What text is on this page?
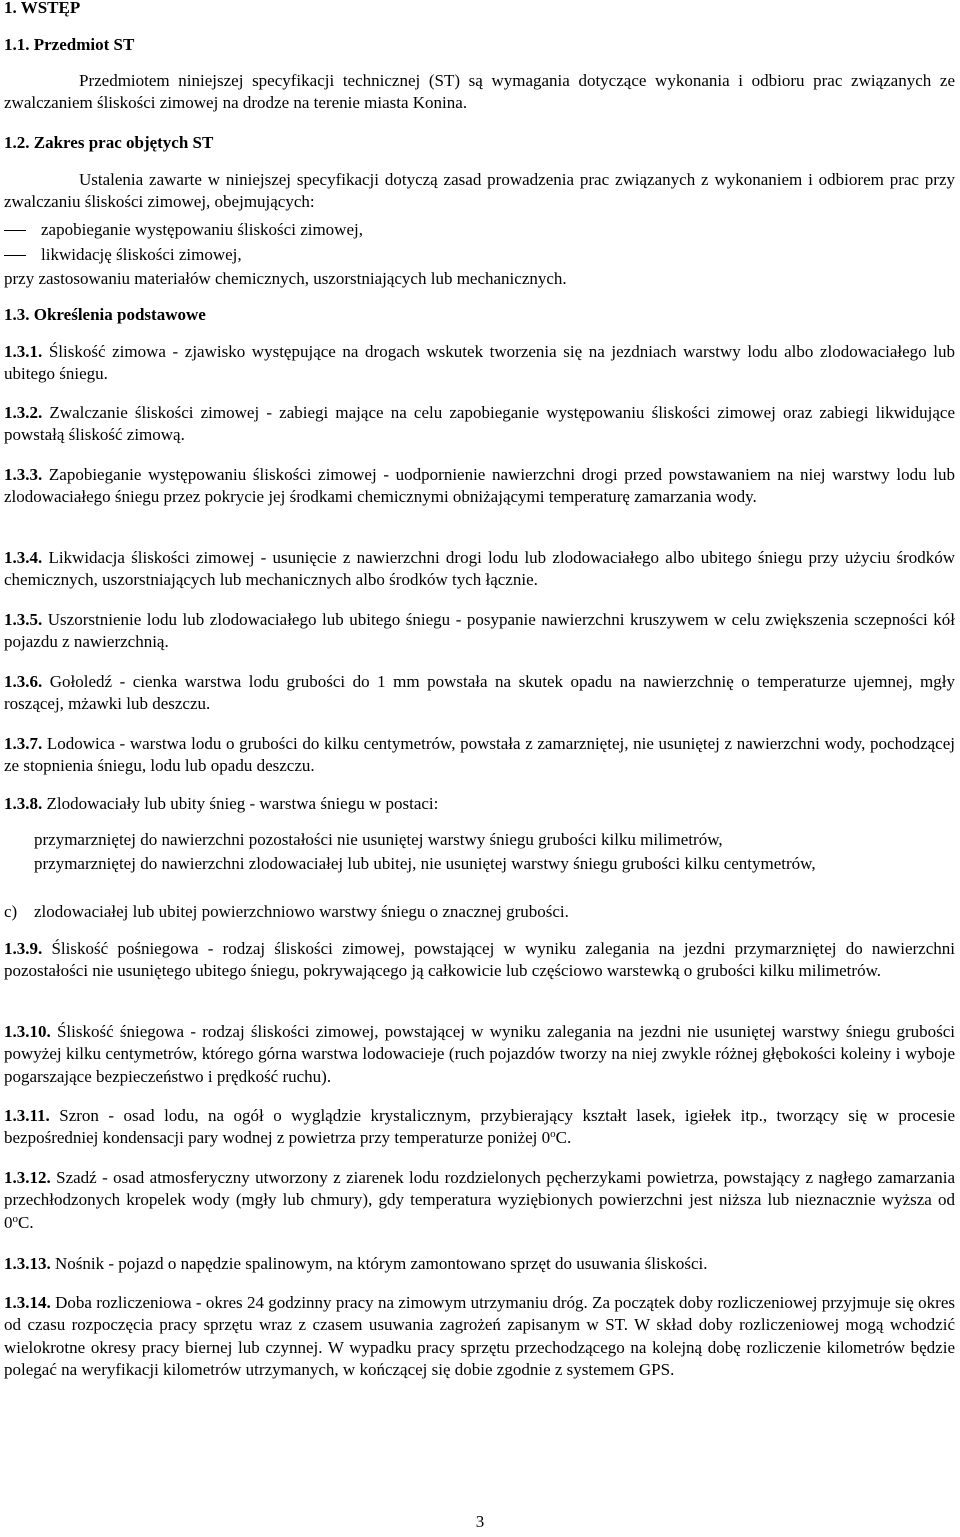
1. WSTĘP
1.1. Przedmiot ST
Przedmiotem niniejszej specyfikacji technicznej (ST) są wymagania dotyczące wykonania i odbioru prac związanych ze zwalczaniem śliskości zimowej na drodze na terenie miasta Konina.
1.2. Zakres prac objętych ST
Ustalenia zawarte w niniejszej specyfikacji dotyczą zasad prowadzenia prac związanych z wykonaniem i odbiorem prac przy zwalczaniu śliskości zimowej, obejmujących:
zapobieganie występowaniu śliskości zimowej,
likwidację śliskości zimowej,
przy zastosowaniu materiałów chemicznych, uszorstniających lub mechanicznych.
1.3. Określenia podstawowe
1.3.1. Śliskość zimowa - zjawisko występujące na drogach wskutek tworzenia się na jezdniach warstwy lodu albo zlodowaciałego lub ubitego śniegu.
1.3.2. Zwalczanie śliskości zimowej - zabiegi mające na celu zapobieganie występowaniu śliskości zimowej oraz zabiegi likwidujące powstałą śliskość zimową.
1.3.3. Zapobieganie występowaniu śliskości zimowej - uodpornienie nawierzchni drogi przed powstawaniem na niej warstwy lodu lub zlodowaciałego śniegu przez pokrycie jej środkami chemicznymi obniżającymi temperaturę zamarzania wody.
1.3.4. Likwidacja śliskości zimowej - usunięcie z nawierzchni drogi lodu lub zlodowaciałego albo ubitego śniegu przy użyciu środków chemicznych, uszorstniających lub mechanicznych albo środków tych łącznie.
1.3.5. Uszorstnienie lodu lub zlodowaciałego lub ubitego śniegu - posypanie nawierzchni kruszywem w celu zwiększenia sczepności kół pojazdu z nawierzchnią.
1.3.6. Gołoledź - cienka warstwa lodu grubości do 1 mm powstała na skutek opadu na nawierzchnię o temperaturze ujemnej, mgły roszącej, mżawki lub deszczu.
1.3.7. Lodowica - warstwa lodu o grubości do kilku centymetrów, powstała z zamarzniętej, nie usuniętej z nawierzchni wody, pochodzącej ze stopnienia śniegu, lodu lub opadu deszczu.
1.3.8. Zlodowaciały lub ubity śnieg - warstwa śniegu w postaci:
przymarzniętej do nawierzchni pozostałości nie usuniętej warstwy śniegu grubości kilku milimetrów,
przymarzniętej do nawierzchni zlodowaciałej lub ubitej, nie usuniętej warstwy śniegu grubości kilku centymetrów,
c) zlodowaciałej lub ubitej powierzchniowo warstwy śniegu o znacznej grubości.
1.3.9. Śliskość pośniegowa - rodzaj śliskości zimowej, powstającej w wyniku zalegania na jezdni przymarzniętej do nawierzchni pozostałości nie usuniętego ubitego śniegu, pokrywającego ją całkowicie lub częściowo warstewką o grubości kilku milimetrów.
1.3.10. Śliskość śniegowa - rodzaj śliskości zimowej, powstającej w wyniku zalegania na jezdni nie usuniętej warstwy śniegu grubości powyżej kilku centymetrów, którego górna warstwa lodowacieje (ruch pojazdów tworzy na niej zwykle różnej głębokości koleiny i wyboje pogarszające bezpieczeństwo i prędkość ruchu).
1.3.11. Szron - osad lodu, na ogół o wyglądzie krystalicznym, przybierający kształt lasek, igiełek itp., tworzący się w procesie bezpośredniej kondensacji pary wodnej z powietrza przy temperaturze poniżej 0$^o$C.
1.3.12. Szadź - osad atmosferyczny utworzony z ziarenek lodu rozdzielonych pęcherzykami powietrza, powstający z nagłego zamarzania przechłodzonych kropelek wody (mgły lub chmury), gdy temperatura wyziębionych powierzchni jest niższa lub nieznacznie wyższa od 0$^o$C.
1.3.13. Nośnik - pojazd o napędzie spalinowym, na którym zamontowano sprzęt do usuwania śliskości.
1.3.14. Doba rozliczeniowa - okres 24 godzinny pracy na zimowym utrzymaniu dróg. Za początek doby rozliczeniowej przyjmuje się okres od czasu rozpoczęcia pracy sprzętu wraz z czasem usuwania zagrożeń zapisanym w ST. W skład doby rozliczeniowej mogą wchodzić wielokrotne okresy pracy biernej lub czynnej. W wypadku pracy sprzętu przechodzącego na kolejną dobę rozliczenie kilometrów będzie polegać na weryfikacji kilometrów utrzymanych, w kończącej się dobie zgodnie z systemem GPS.
3
